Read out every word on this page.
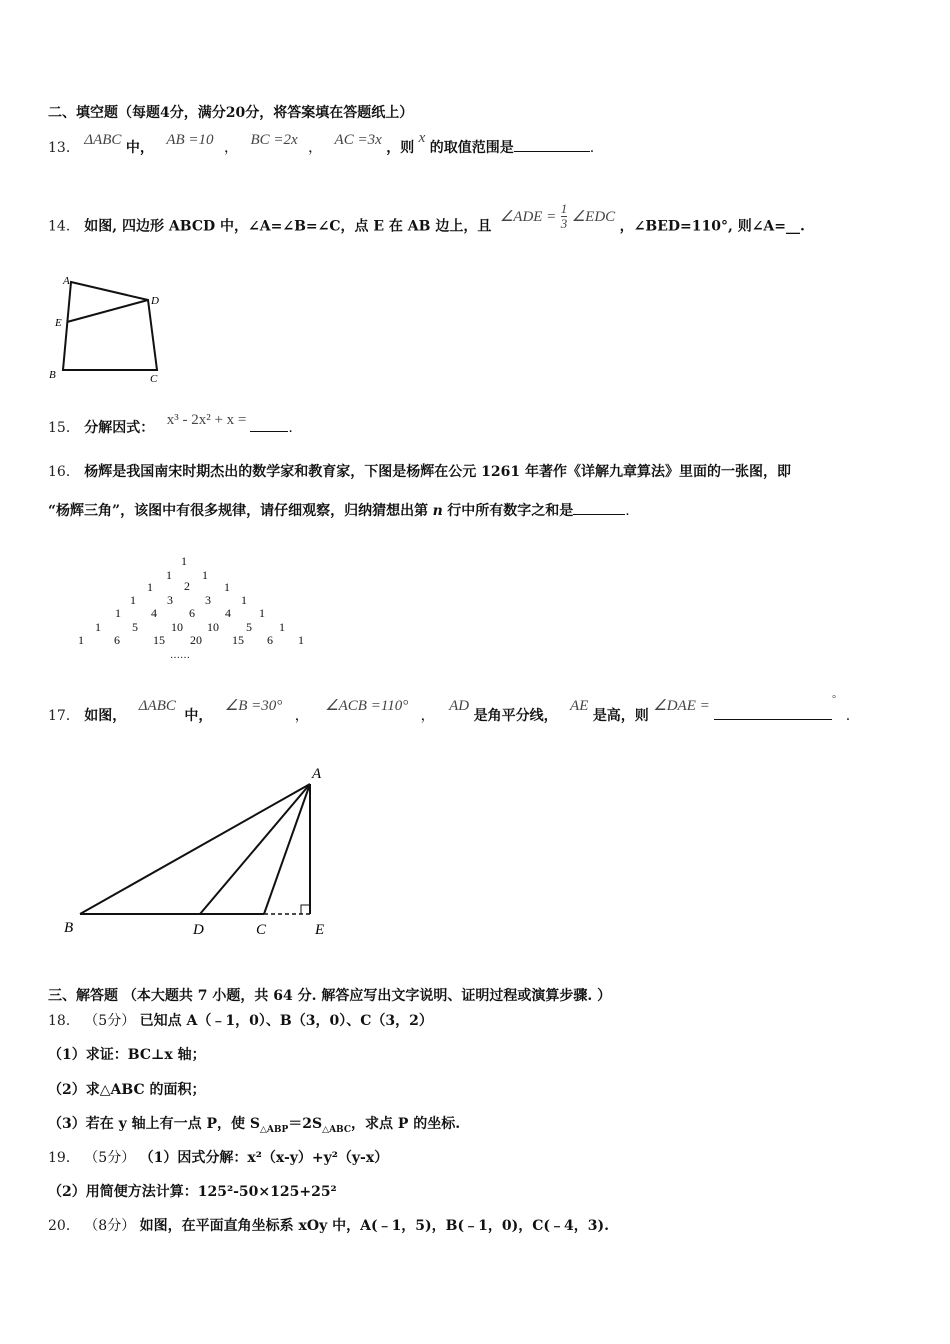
二、填空题（每题4分，满分20分，将答案填在答题纸上）
13． ΔABC 中， AB =10 ， BC =2x ， AC =3x ，则 x 的取值范围是	.
14． 如图, 四边形 ABCD 中，∠A=∠B=∠C，点 E 在 AB 边上，且 ∠ADE = $\frac{1}{3}$ ∠EDC ，∠BED=110°, 则∠A=__.
A
D
E
B	C
15． 分解因式： x³ - 2x² + x =	.
16． 杨辉是我国南宋时期杰出的数学家和教育家，下图是杨辉在公元 1261 年著作《详解九章算法》里面的一张图，即
“杨辉三角”，该图中有很多规律，请仔细观察，归纳猜想出第 n 行中所有数字之和是	.
1
1	1
1	2	1
1	3	3	1
1	4	6	4 1
1	5	10 10 5 1
1	6	15 20	15 6 1
……
17． 如图， ΔABC 中， ∠B =30° ， ∠ACB =110° ， AD 是角平分线， AE 是高，则 ∠DAE =	°.
A
B	D	C	E
三、解答题 （本大题共 7 小题，共 64 分. 解答应写出文字说明、证明过程或演算步骤. ）
18． （5分） 已知点 A（﹣1，0）、B（3，0）、C（3，2）
（1）求证：BC⊥x 轴；
（2）求△ABC 的面积；
（3）若在 y 轴上有一点 P，使 $S_{\triangle ABP}=2S_{\triangle ABC}$，求点 P 的坐标.
19． （5分） （1）因式分解：x²（x-y）+y²（y-x）
（2）用简便方法计算：125²-50×125+25²
20． （8分） 如图，在平面直角坐标系 xOy 中，A(﹣1，5)，B(﹣1，0)，C(﹣4，3).
